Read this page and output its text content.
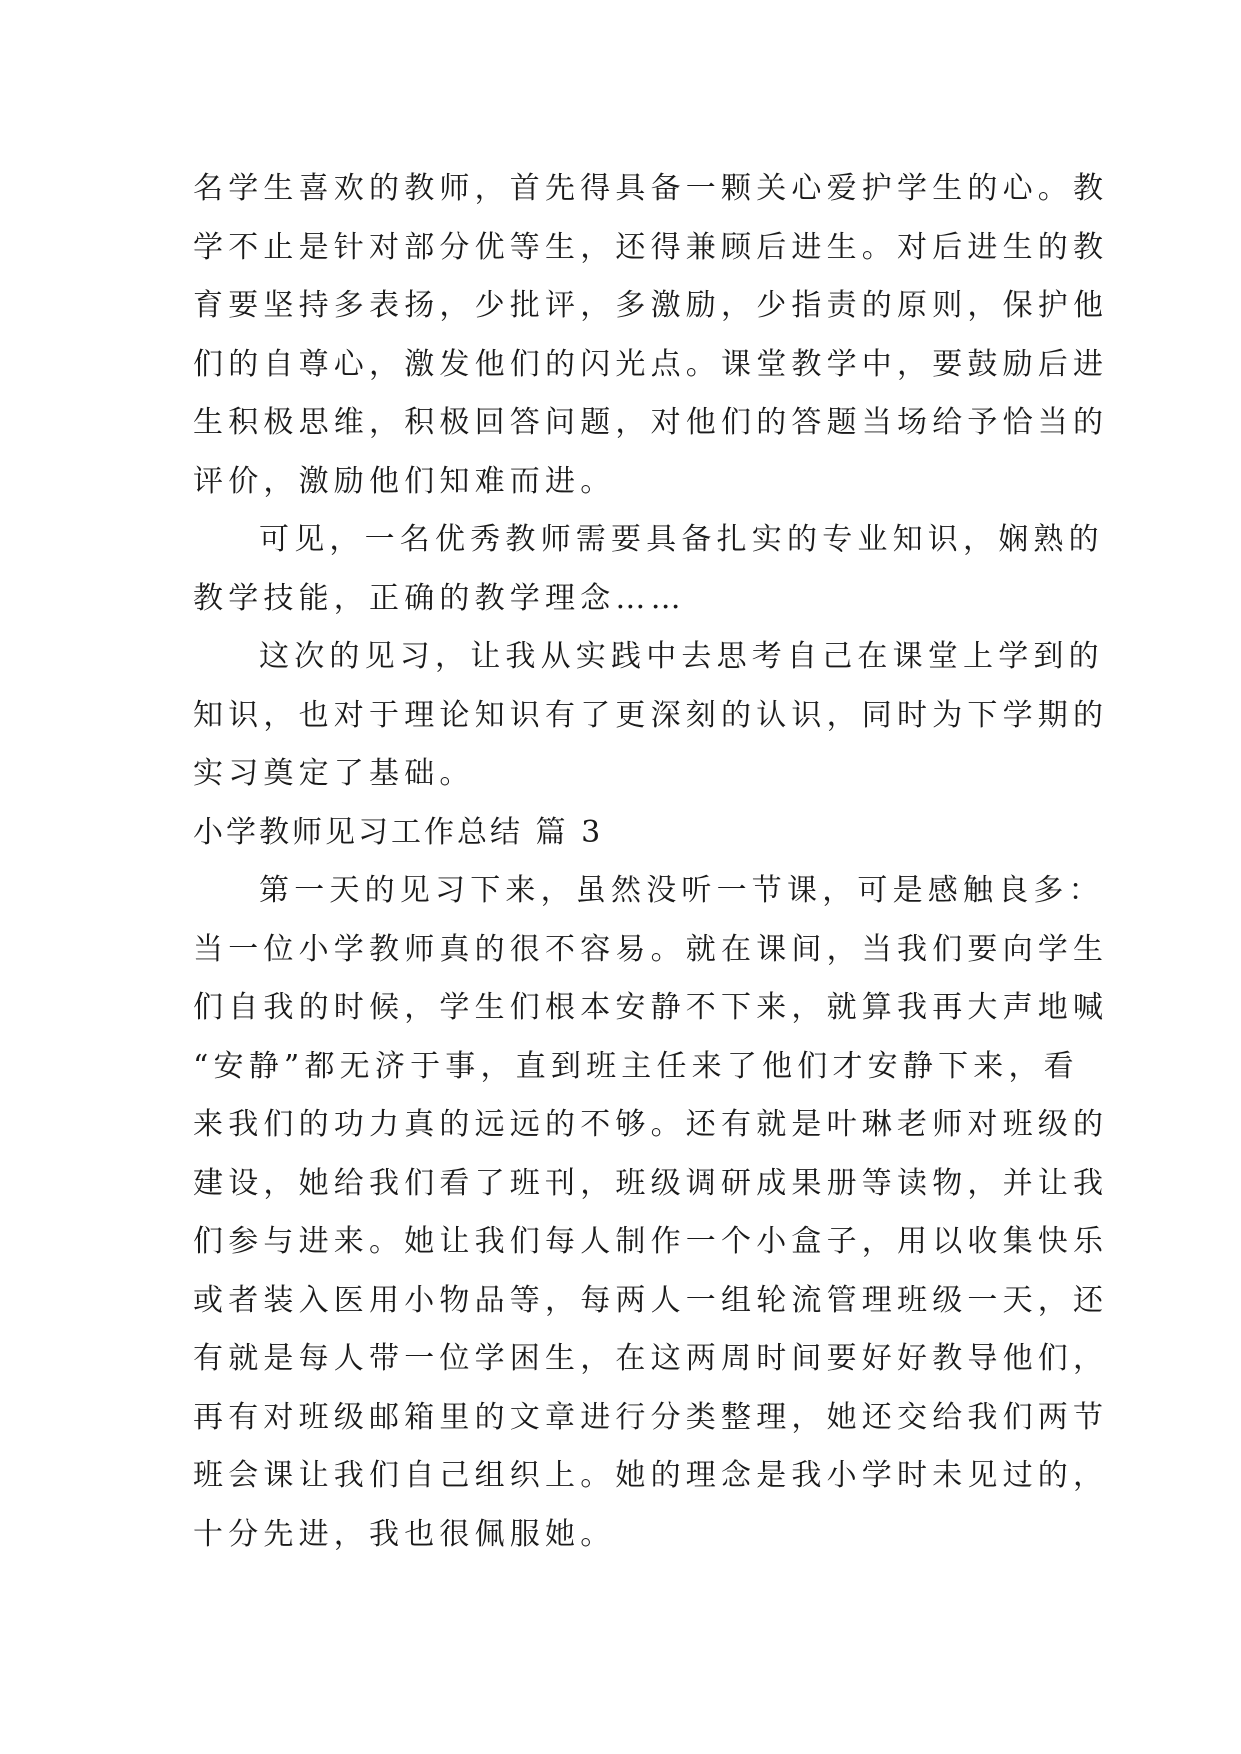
名学生喜欢的教师，首先得具备一颗关心爱护学生的心。教
学不止是针对部分优等生，还得兼顾后进生。对后进生的教
育要坚持多表扬，少批评，多激励，少指责的原则，保护他
们的自尊心，激发他们的闪光点。课堂教学中，要鼓励后进
生积极思维，积极回答问题，对他们的答题当场给予恰当的
评价，激励他们知难而进。
可见，一名优秀教师需要具备扎实的专业知识，娴熟的
教学技能，正确的教学理念……
这次的见习，让我从实践中去思考自己在课堂上学到的
知识，也对于理论知识有了更深刻的认识，同时为下学期的
实习奠定了基础。
小学教师见习工作总结 篇 3
第一天的见习下来，虽然没听一节课，可是感触良多：
当一位小学教师真的很不容易。就在课间，当我们要向学生
们自我的时候，学生们根本安静不下来，就算我再大声地喊
“安静”都无济于事，直到班主任来了他们才安静下来，看
来我们的功力真的远远的不够。还有就是叶琳老师对班级的
建设，她给我们看了班刊，班级调研成果册等读物，并让我
们参与进来。她让我们每人制作一个小盒子，用以收集快乐
或者装入医用小物品等，每两人一组轮流管理班级一天，还
有就是每人带一位学困生，在这两周时间要好好教导他们，
再有对班级邮箱里的文章进行分类整理，她还交给我们两节
班会课让我们自己组织上。她的理念是我小学时未见过的，
十分先进，我也很佩服她。
